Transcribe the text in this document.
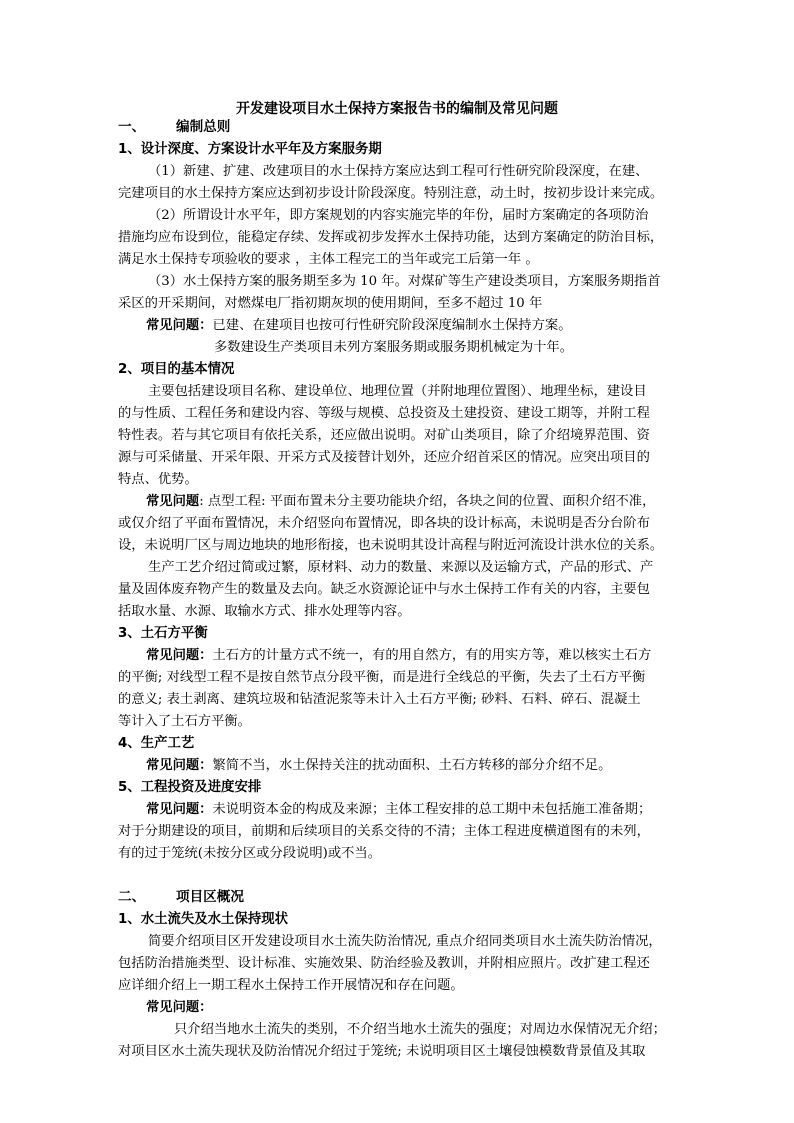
开发建设项目水土保持方案报告书的编制及常见问题
一、 编制总则
1、设计深度、方案设计水平年及方案服务期
（1）新建、扩建、改建项目的水土保持方案应达到工程可行性研究阶段深度，在建、
完建项目的水土保持方案应达到初步设计阶段深度。特别注意，动土时，按初步设计来完成。
（2）所谓设计水平年，即方案规划的内容实施完毕的年份，届时方案确定的各项防治
措施均应布设到位，能稳定存续、发挥或初步发挥水土保持功能，达到方案确定的防治目标，
满足水土保持专项验收的要求 ，主体工程完工的当年或完工后第一年 。
（3）水土保持方案的服务期至多为 10 年。对煤矿等生产建设类项目，方案服务期指首
采区的开采期间，对燃煤电厂指初期灰坝的使用期间，至多不超过 10 年
常见问题：已建、在建项目也按可行性研究阶段深度编制水土保持方案。
多数建设生产类项目未列方案服务期或服务期机械定为十年。
2、项目的基本情况
主要包括建设项目名称、建设单位、地理位置（并附地理位置图）、地理坐标，建设目
的与性质、工程任务和建设内容、等级与规模、总投资及土建投资、建设工期等，并附工程
特性表。若与其它项目有依托关系，还应做出说明。对矿山类项目，除了介绍境界范围、资
源与可采储量、开采年限、开采方式及接替计划外，还应介绍首采区的情况。应突出项目的
特点、优势。
常见问题: 点型工程: 平面布置未分主要功能块介绍，各块之间的位置、面积介绍不准，
或仅介绍了平面布置情况，未介绍竖向布置情况，即各块的设计标高，未说明是否分台阶布
设，未说明厂区与周边地块的地形衔接，也未说明其设计高程与附近河流设计洪水位的关系。
生产工艺介绍过简或过繁，原材料、动力的数量、来源以及运输方式，产品的形式、产
量及固体废弃物产生的数量及去向。缺乏水资源论证中与水土保持工作有关的内容，主要包
括取水量、水源、取输水方式、排水处理等内容。
3、土石方平衡
常见问题：土石方的计量方式不统一，有的用自然方，有的用实方等，难以核实土石方
的平衡; 对线型工程不是按自然节点分段平衡，而是进行全线总的平衡，失去了土石方平衡
的意义; 表土剥离、建筑垃圾和钻渣泥浆等未计入土石方平衡; 砂料、石料、碎石、混凝土
等计入了土石方平衡。
4、生产工艺
常见问题：繁简不当，水土保持关注的扰动面积、土石方转移的部分介绍不足。
5、工程投资及进度安排
常见问题：未说明资本金的构成及来源；主体工程安排的总工期中未包括施工准备期；
对于分期建设的项目，前期和后续项目的关系交待的不清；主体工程进度横道图有的未列，
有的过于笼统(未按分区或分段说明)或不当。
二、 项目区概况
1、水土流失及水土保持现状
简要介绍项目区开发建设项目水土流失防治情况, 重点介绍同类项目水土流失防治情况，
包括防治措施类型、设计标准、实施效果、防治经验及教训，并附相应照片。改扩建工程还
应详细介绍上一期工程水土保持工作开展情况和存在问题。
常见问题：
只介绍当地水土流失的类别，不介绍当地水土流失的强度；对周边水保情况无介绍；
对项目区水土流失现状及防治情况介绍过于笼统; 未说明项目区土壤侵蚀模数背景值及其取
